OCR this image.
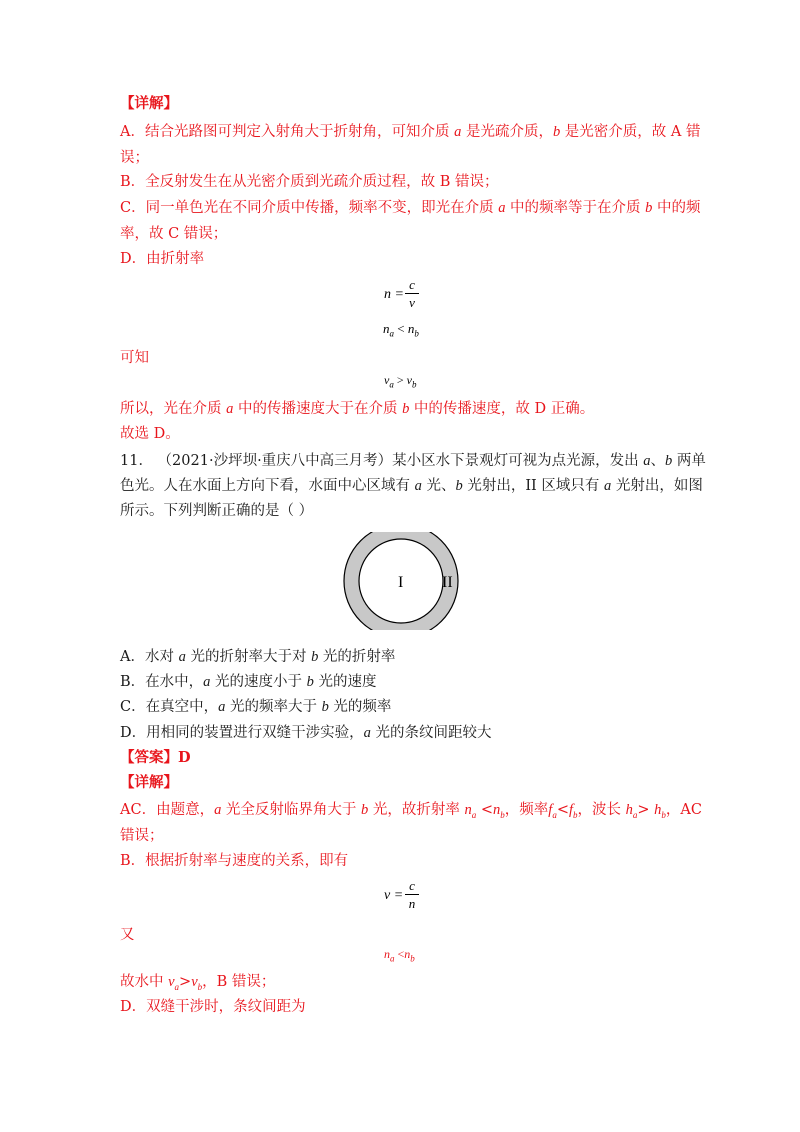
【详解】
A．结合光路图可判定入射角大于折射角，可知介质 a 是光疏介质，b 是光密介质，故 A 错
误；
B．全反射发生在从光密介质到光疏介质过程，故 B 错误；
C．同一单色光在不同介质中传播，频率不变，即光在介质 a 中的频率等于在介质 b 中的频
率，故 C 错误；
D．由折射率
n =
c
v
$n_a < n_b$
可知
$v_a > v_b$
所以，光在介质 a 中的传播速度大于在介质 b 中的传播速度，故 D 正确。
故选 D。
11． （2021·沙坪坝·重庆八中高三月考）某小区水下景观灯可视为点光源，发出 a、b 两单
色光。人在水面上方向下看，水面中心区域有 a 光、b 光射出，II 区域只有 a 光射出，如图
所示。下列判断正确的是（ ）
I II
A．水对 a 光的折射率大于对 b 光的折射率
B．在水中，a 光的速度小于 b 光的速度
C．在真空中，a 光的频率大于 b 光的频率
D．用相同的装置进行双缝干涉实验，a 光的条纹间距较大
【答案】D
【详解】
AC．由题意，a 光全反射临界角大于 b 光，故折射率 $n_a <n_b$，频率$f_a<f_b$，波长 $h_a> h_b$，AC
错误；
B．根据折射率与速度的关系，即有
v =
c
n
又
$n_a <n_b$
故水中 $v_a>v_b$，B 错误；
D．双缝干涉时，条纹间距为
